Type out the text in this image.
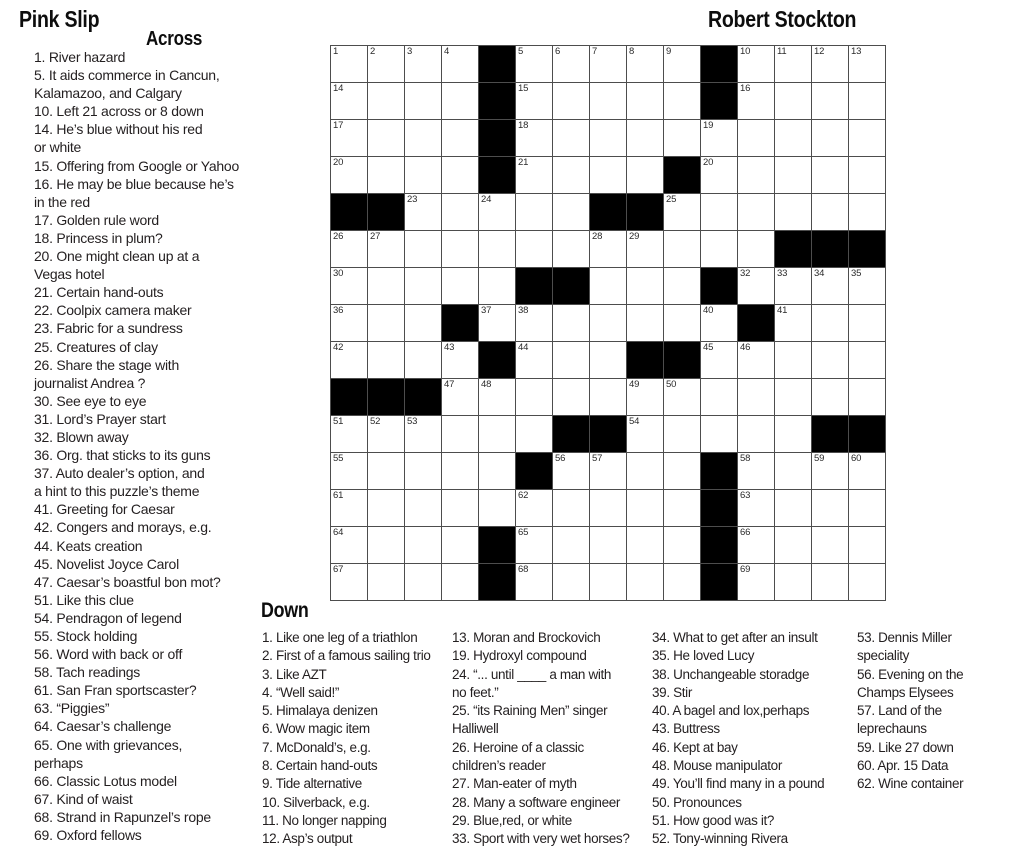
Pink Slip	Robert Stockton
Across
1. River hazard
5. It aids commerce in Cancun,
Kalamazoo, and Calgary
10. Left 21 across or 8 down
14. He’s blue without his red
or white
15. Offering from Google or Yahoo
16. He may be blue because he’s
in the red
17. Golden rule word
18. Princess in plum?
20. One might clean up at a
Vegas hotel
21. Certain hand-outs
22. Coolpix camera maker
23. Fabric for a sundress
25. Creatures of clay
26. Share the stage with
journalist Andrea ?
30. See eye to eye
31. Lord’s Prayer start
32. Blown away
36. Org. that sticks to its guns
37. Auto dealer’s option, and
a hint to this puzzle’s theme
41. Greeting for Caesar
42. Congers and morays, e.g.
44. Keats creation
45. Novelist Joyce Carol
47. Caesar’s boastful bon mot?
51. Like this clue
54. Pendragon of legend
55. Stock holding
56. Word with back or off
58. Tach readings
61. San Fran sportscaster?
63. “Piggies”
64. Caesar’s challenge
65. One with grievances,
perhaps
66. Classic Lotus model
67. Kind of waist
68. Strand in Rapunzel’s rope
69. Oxford fellows
Down
1. Like one leg of a triathlon
2. First of a famous sailing trio
3. Like AZT
4. “Well said!”
5. Himalaya denizen
6. Wow magic item
7. McDonald’s, e.g.
8. Certain hand-outs
9. Tide alternative
10. Silverback, e.g.
11. No longer napping
12. Asp’s output
13. Moran and Brockovich
19. Hydroxyl compound
24. “... until ____ a man with
no feet.”
25. “its Raining Men” singer
Halliwell
26. Heroine of a classic
children’s reader
27. Man-eater of myth
28. Many a software engineer
29. Blue,red, or white
33. Sport with very wet horses?
34. What to get after an insult
35. He loved Lucy
38. Unchangeable storadge
39. Stir
40. A bagel and lox,perhaps
43. Buttress
46. Kept at bay
48. Mouse manipulator
49. You’ll find many in a pound
50. Pronounces
51. How good was it?
52. Tony-winning Rivera
53. Dennis Miller
speciality
56. Evening on the
Champs Elysees
57. Land of the
leprechauns
59. Like 27 down
60. Apr. 15 Data
62. Wine container
1	2	3	4	5	6	7	8	9	10	11	12	13
14	15	16
17	18	19
20	21	20
23	24	25
26	27	28	29
30	32	33	34	35
36	37	38	40	41
42	43	44	45	46
47	48	49	50
51	52	53	54
55	56	57	58	59	60
61	62	63
64	65	66
67	68	69
